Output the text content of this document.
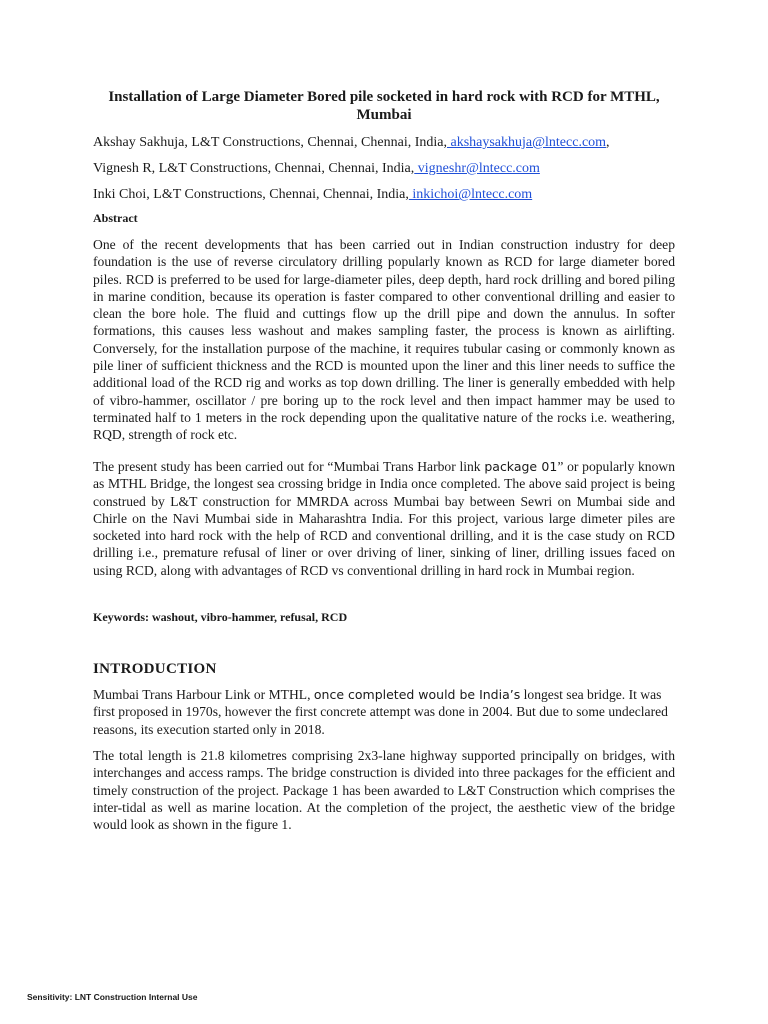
Installation of Large Diameter Bored pile socketed in hard rock with RCD for MTHL, Mumbai
Akshay Sakhuja, L&T Constructions, Chennai, Chennai, India, akshaysakhuja@lntecc.com,
Vignesh R, L&T Constructions, Chennai, Chennai, India, vigneshr@lntecc.com
Inki Choi, L&T Constructions, Chennai, Chennai, India, inkichoi@lntecc.com
Abstract
One of the recent developments that has been carried out in Indian construction industry for deep foundation is the use of reverse circulatory drilling popularly known as RCD for large diameter bored piles. RCD is preferred to be used for large-diameter piles, deep depth, hard rock drilling and bored piling in marine condition, because its operation is faster compared to other conventional drilling and easier to clean the bore hole. The fluid and cuttings flow up the drill pipe and down the annulus. In softer formations, this causes less washout and makes sampling faster, the process is known as airlifting. Conversely, for the installation purpose of the machine, it requires tubular casing or commonly known as pile liner of sufficient thickness and the RCD is mounted upon the liner and this liner needs to suffice the additional load of the RCD rig and works as top down drilling. The liner is generally embedded with help of vibro-hammer, oscillator / pre boring up to the rock level and then impact hammer may be used to terminated half to 1 meters in the rock depending upon the qualitative nature of the rocks i.e. weathering, RQD, strength of rock etc.
The present study has been carried out for “Mumbai Trans Harbor link package 01” or popularly known as MTHL Bridge, the longest sea crossing bridge in India once completed. The above said project is being construed by L&T construction for MMRDA across Mumbai bay between Sewri on Mumbai side and Chirle on the Navi Mumbai side in Maharashtra India. For this project, various large dimeter piles are socketed into hard rock with the help of RCD and conventional drilling, and it is the case study on RCD drilling i.e., premature refusal of liner or over driving of liner, sinking of liner, drilling issues faced on using RCD, along with advantages of RCD vs conventional drilling in hard rock in Mumbai region.
Keywords: washout, vibro-hammer, refusal, RCD
INTRODUCTION
Mumbai Trans Harbour Link or MTHL, once completed would be India’s longest sea bridge. It was first proposed in 1970s, however the first concrete attempt was done in 2004. But due to some undeclared reasons, its execution started only in 2018.
The total length is 21.8 kilometres comprising 2x3-lane highway supported principally on bridges, with interchanges and access ramps. The bridge construction is divided into three packages for the efficient and timely construction of the project. Package 1 has been awarded to L&T Construction which comprises the inter-tidal as well as marine location. At the completion of the project, the aesthetic view of the bridge would look as shown in the figure 1.
Sensitivity: LNT Construction Internal Use
